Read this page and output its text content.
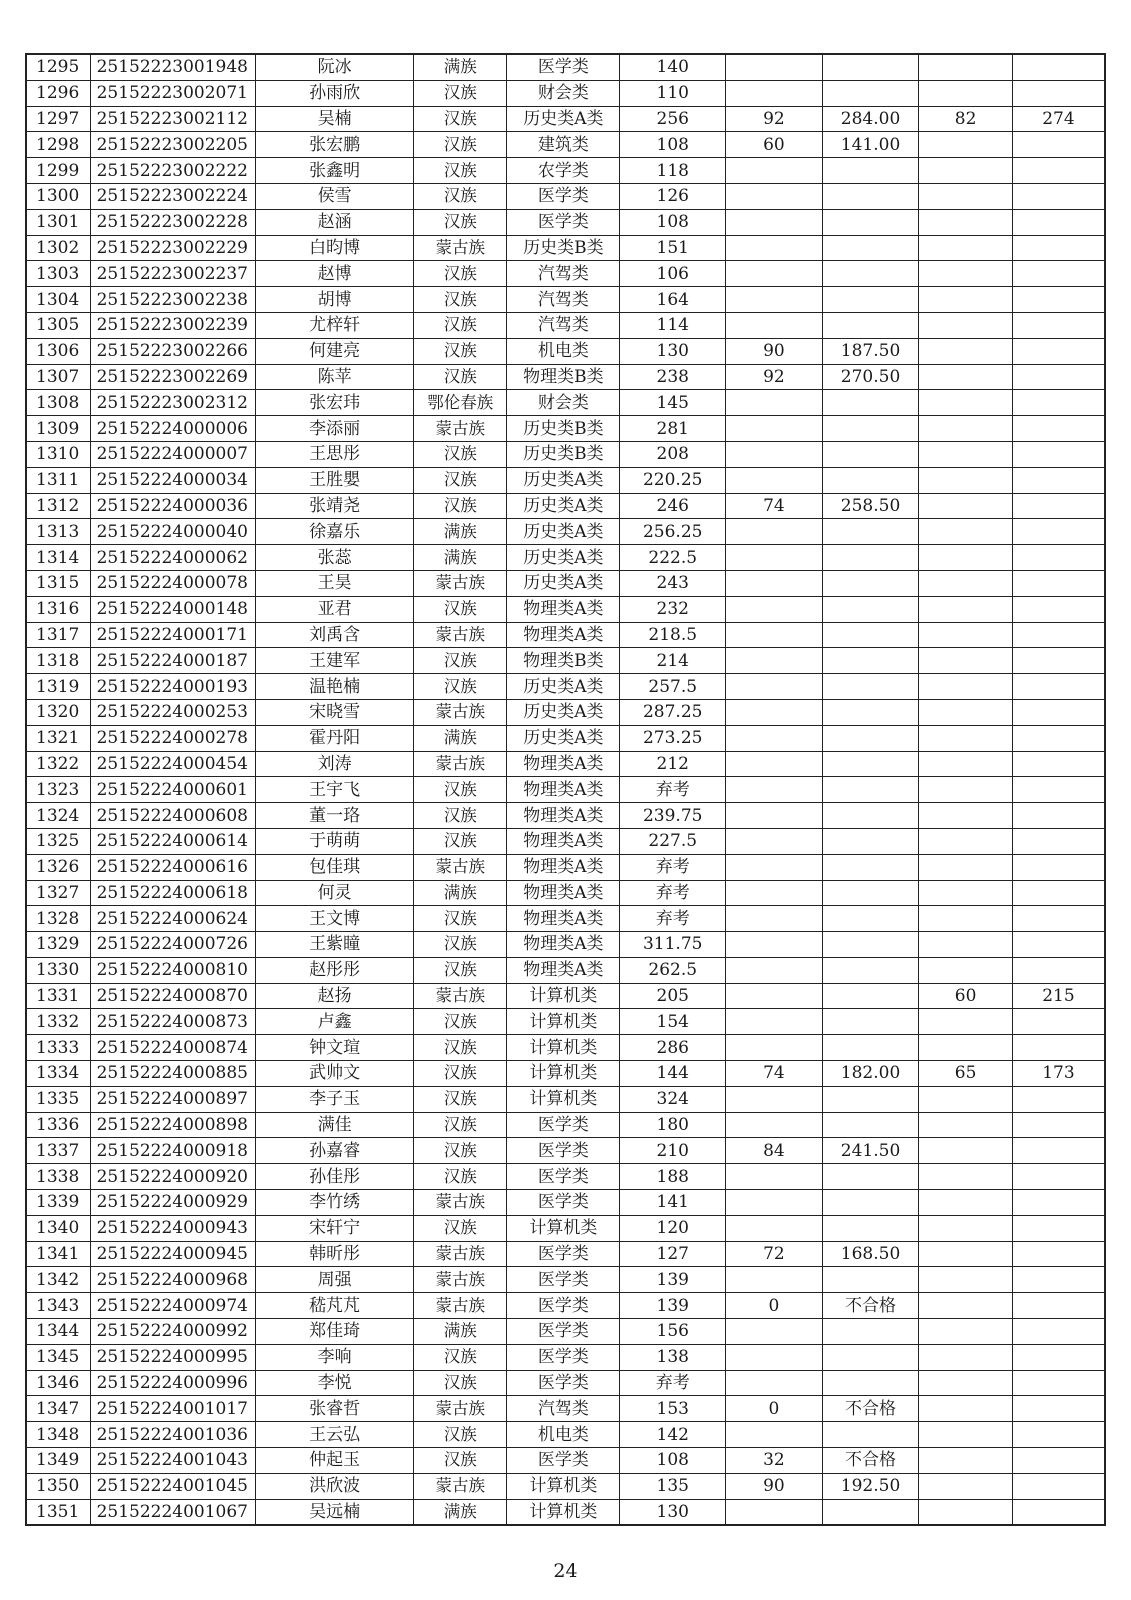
1295	25152223001948	阮冰	满族	医学类	140				
1296	25152223002071	孙雨欣	汉族	财会类	110				
1297	25152223002112	吴楠	汉族	历史类A类	256	92	284.00	82	274
1298	25152223002205	张宏鹏	汉族	建筑类	108	60	141.00		
1299	25152223002222	张鑫明	汉族	农学类	118				
1300	25152223002224	侯雪	汉族	医学类	126				
1301	25152223002228	赵涵	汉族	医学类	108				
1302	25152223002229	白昀博	蒙古族	历史类B类	151				
1303	25152223002237	赵博	汉族	汽驾类	106				
1304	25152223002238	胡博	汉族	汽驾类	164				
1305	25152223002239	尤梓轩	汉族	汽驾类	114				
1306	25152223002266	何建亮	汉族	机电类	130	90	187.50		
1307	25152223002269	陈苹	汉族	物理类B类	238	92	270.50		
1308	25152223002312	张宏玮	鄂伦春族	财会类	145				
1309	25152224000006	李添丽	蒙古族	历史类B类	281				
1310	25152224000007	王思彤	汉族	历史类B类	208				
1311	25152224000034	王胜嬰	汉族	历史类A类	220.25				
1312	25152224000036	张靖尧	汉族	历史类A类	246	74	258.50		
1313	25152224000040	徐嘉乐	满族	历史类A类	256.25				
1314	25152224000062	张蕊	满族	历史类A类	222.5				
1315	25152224000078	王昊	蒙古族	历史类A类	243				
1316	25152224000148	亚君	汉族	物理类A类	232				
1317	25152224000171	刘禹含	蒙古族	物理类A类	218.5				
1318	25152224000187	王建军	汉族	物理类B类	214				
1319	25152224000193	温艳楠	汉族	历史类A类	257.5				
1320	25152224000253	宋晓雪	蒙古族	历史类A类	287.25				
1321	25152224000278	霍丹阳	满族	历史类A类	273.25				
1322	25152224000454	刘涛	蒙古族	物理类A类	212				
1323	25152224000601	王宇飞	汉族	物理类A类	弃考				
1324	25152224000608	董一珞	汉族	物理类A类	239.75				
1325	25152224000614	于萌萌	汉族	物理类A类	227.5				
1326	25152224000616	包佳琪	蒙古族	物理类A类	弃考				
1327	25152224000618	何灵	满族	物理类A类	弃考				
1328	25152224000624	王文博	汉族	物理类A类	弃考				
1329	25152224000726	王紫瞳	汉族	物理类A类	311.75				
1330	25152224000810	赵彤彤	汉族	物理类A类	262.5				
1331	25152224000870	赵扬	蒙古族	计算机类	205			60	215
1332	25152224000873	卢鑫	汉族	计算机类	154				
1333	25152224000874	钟文瑄	汉族	计算机类	286				
1334	25152224000885	武帅文	汉族	计算机类	144	74	182.00	65	173
1335	25152224000897	李子玉	汉族	计算机类	324				
1336	25152224000898	满佳	汉族	医学类	180				
1337	25152224000918	孙嘉睿	汉族	医学类	210	84	241.50		
1338	25152224000920	孙佳彤	汉族	医学类	188				
1339	25152224000929	李竹绣	蒙古族	医学类	141				
1340	25152224000943	宋轩宁	汉族	计算机类	120				
1341	25152224000945	韩昕彤	蒙古族	医学类	127	72	168.50		
1342	25152224000968	周强	蒙古族	医学类	139				
1343	25152224000974	嵇芃芃	蒙古族	医学类	139	0	不合格		
1344	25152224000992	郑佳琦	满族	医学类	156				
1345	25152224000995	李响	汉族	医学类	138				
1346	25152224000996	李悦	汉族	医学类	弃考				
1347	25152224001017	张睿哲	蒙古族	汽驾类	153	0	不合格		
1348	25152224001036	王云弘	汉族	机电类	142				
1349	25152224001043	仲起玉	汉族	医学类	108	32	不合格		
1350	25152224001045	洪欣波	蒙古族	计算机类	135	90	192.50		
1351	25152224001067	吴远楠	满族	计算机类	130				
24
